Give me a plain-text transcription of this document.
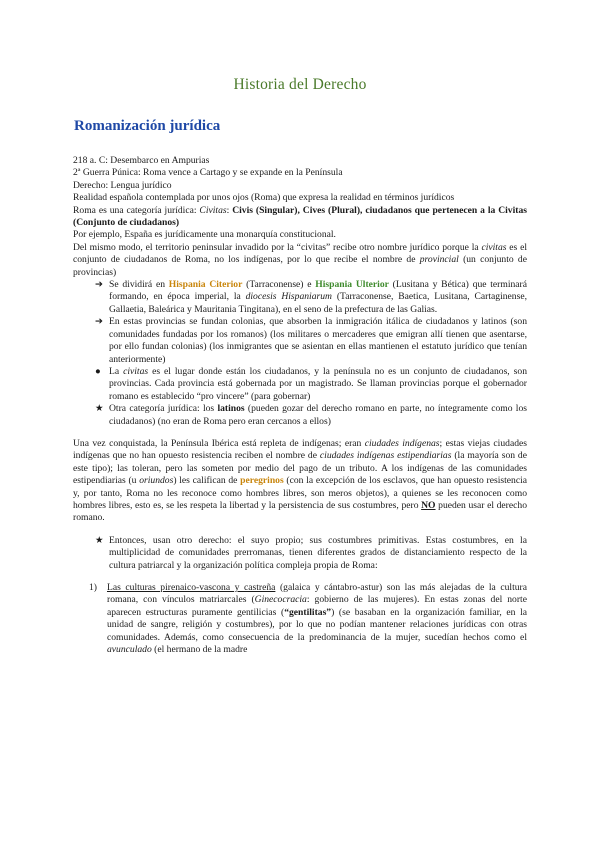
Historia del Derecho
Romanización jurídica
218 a. C: Desembarco en Ampurias
2ª Guerra Púnica: Roma vence a Cartago y se expande en la Península
Derecho: Lengua jurídico
Realidad española contemplada por unos ojos (Roma) que expresa la realidad en términos jurídicos

Roma es una categoría jurídica: Civitas: Civis (Singular), Cives (Plural), ciudadanos que pertenecen a la Civitas (Conjunto de ciudadanos)

Por ejemplo, España es jurídicamente una monarquía constitucional.

Del mismo modo, el territorio peninsular invadido por la “civitas” recibe otro nombre jurídico porque la civitas es el conjunto de ciudadanos de Roma, no los indígenas, por lo que recibe el nombre de provincial (un conjunto de provincias)

➔ Se dividirá en Hispania Citerior (Tarraconense) e Hispania Ulterior (Lusitana y Bética) que terminará formando, en época imperial, la diocesis Hispaniarum (Tarraconense, Baetica, Lusitana, Cartaginense, Gallaetia, Baleárica y Mauritania Tingitana), en el seno de la prefectura de las Galias.
➔ En estas provincias se fundan colonias, que absorben la inmigración itálica de ciudadanos y latinos (son comunidades fundadas por los romanos) (los militares o mercaderes que emigran allí tienen que asentarse, por ello fundan colonias) (los inmigrantes que se asientan en ellas mantienen el estatuto jurídico que tenían anteriormente)
● La civitas es el lugar donde están los ciudadanos, y la península no es un conjunto de ciudadanos, son provincias. Cada provincia está gobernada por un magistrado. Se llaman provincias porque el gobernador romano es establecido “pro vincere” (para gobernar)
★ Otra categoría jurídica: los latinos (pueden gozar del derecho romano en parte, no íntegramente como los ciudadanos) (no eran de Roma pero eran cercanos a ellos)

Una vez conquistada, la Península Ibérica está repleta de indígenas; eran ciudades indígenas; estas viejas ciudades indígenas que no han opuesto resistencia reciben el nombre de ciudades indígenas estipendiarias (la mayoría son de este tipo); las toleran, pero las someten por medio del pago de un tributo. A los indígenas de las comunidades estipendiarias (u oriundos) les califican de peregrinos (con la excepción de los esclavos, que han opuesto resistencia y, por tanto, Roma no les reconoce como hombres libres, son meros objetos), a quienes se les reconocen como hombres libres, esto es, se les respeta la libertad y la persistencia de sus costumbres, pero NO pueden usar el derecho romano.

★ Entonces, usan otro derecho: el suyo propio; sus costumbres primitivas. Estas costumbres, en la multiplicidad de comunidades prerromanas, tienen diferentes grados de distanciamiento respecto de la cultura patriarcal y la organización política compleja propia de Roma:
1) Las culturas pirenaico-vascona y castreña (galaica y cántabro-astur) son las más alejadas de la cultura romana, con vínculos matriarcales (Ginecocracia: gobierno de las mujeres). En estas zonas del norte aparecen estructuras puramente gentilicias (“gentilitas”) (se basaban en la organización familiar, en la unidad de sangre, religión y costumbres), por lo que no podían mantener relaciones jurídicas con otras comunidades. Además, como consecuencia de la predominancia de la mujer, sucedían hechos como el avunculado (el hermano de la madre
